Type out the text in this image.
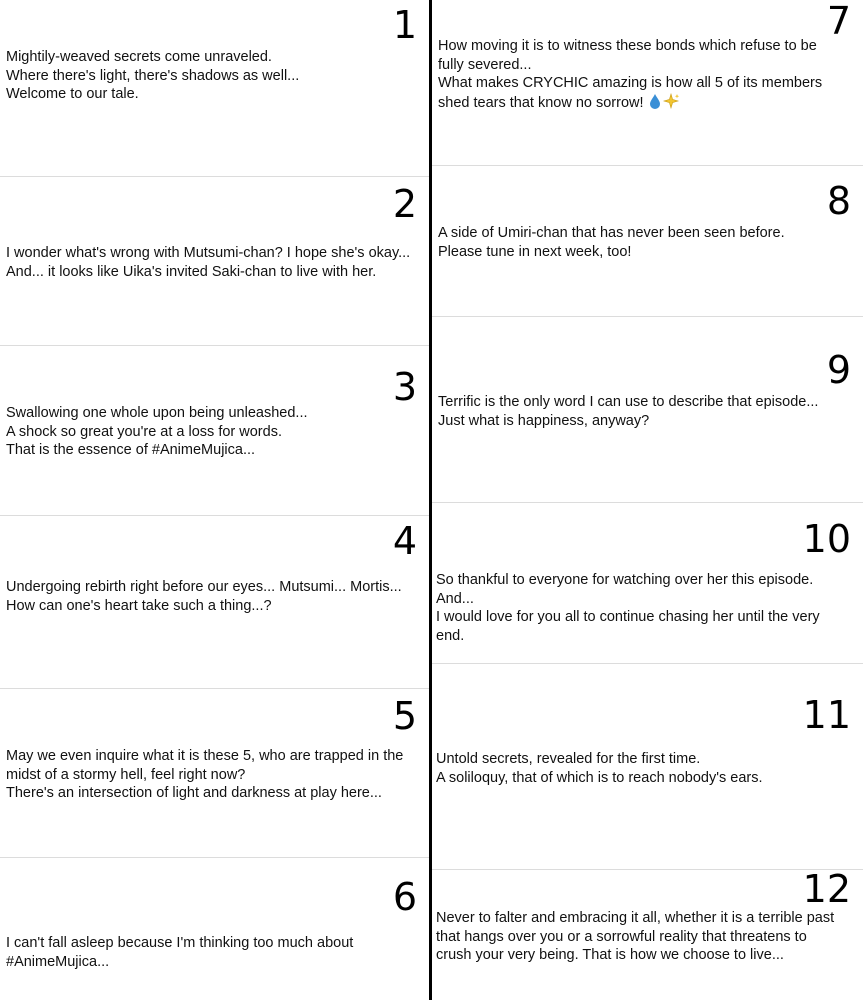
1
Mightily-weaved secrets come unraveled.
Where there's light, there's shadows as well...
Welcome to our tale.
2
I wonder what's wrong with Mutsumi-chan? I hope she's okay...
And... it looks like Uika's invited Saki-chan to live with her.
3
Swallowing one whole upon being unleashed...
A shock so great you're at a loss for words.
That is the essence of #AnimeMujica...
4
Undergoing rebirth right before our eyes... Mutsumi... Mortis...
How can one's heart take such a thing...?
5
May we even inquire what it is these 5, who are trapped in the midst of a stormy hell, feel right now?
There's an intersection of light and darkness at play here...
6
I can't fall asleep because I'm thinking too much about #AnimeMujica...
7
How moving it is to witness these bonds which refuse to be fully severed...
What makes CRYCHIC amazing is how all 5 of its members shed tears that know no sorrow!
8
A side of Umiri-chan that has never been seen before.
Please tune in next week, too!
9
Terrific is the only word I can use to describe that episode...
Just what is happiness, anyway?
10
So thankful to everyone for watching over her this episode.
And...
I would love for you all to continue chasing her until the very end.
11
Untold secrets, revealed for the first time.
A soliloquy, that of which is to reach nobody's ears.
12
Never to falter and embracing it all, whether it is a terrible past that hangs over you or a sorrowful reality that threatens to crush your very being. That is how we choose to live...
